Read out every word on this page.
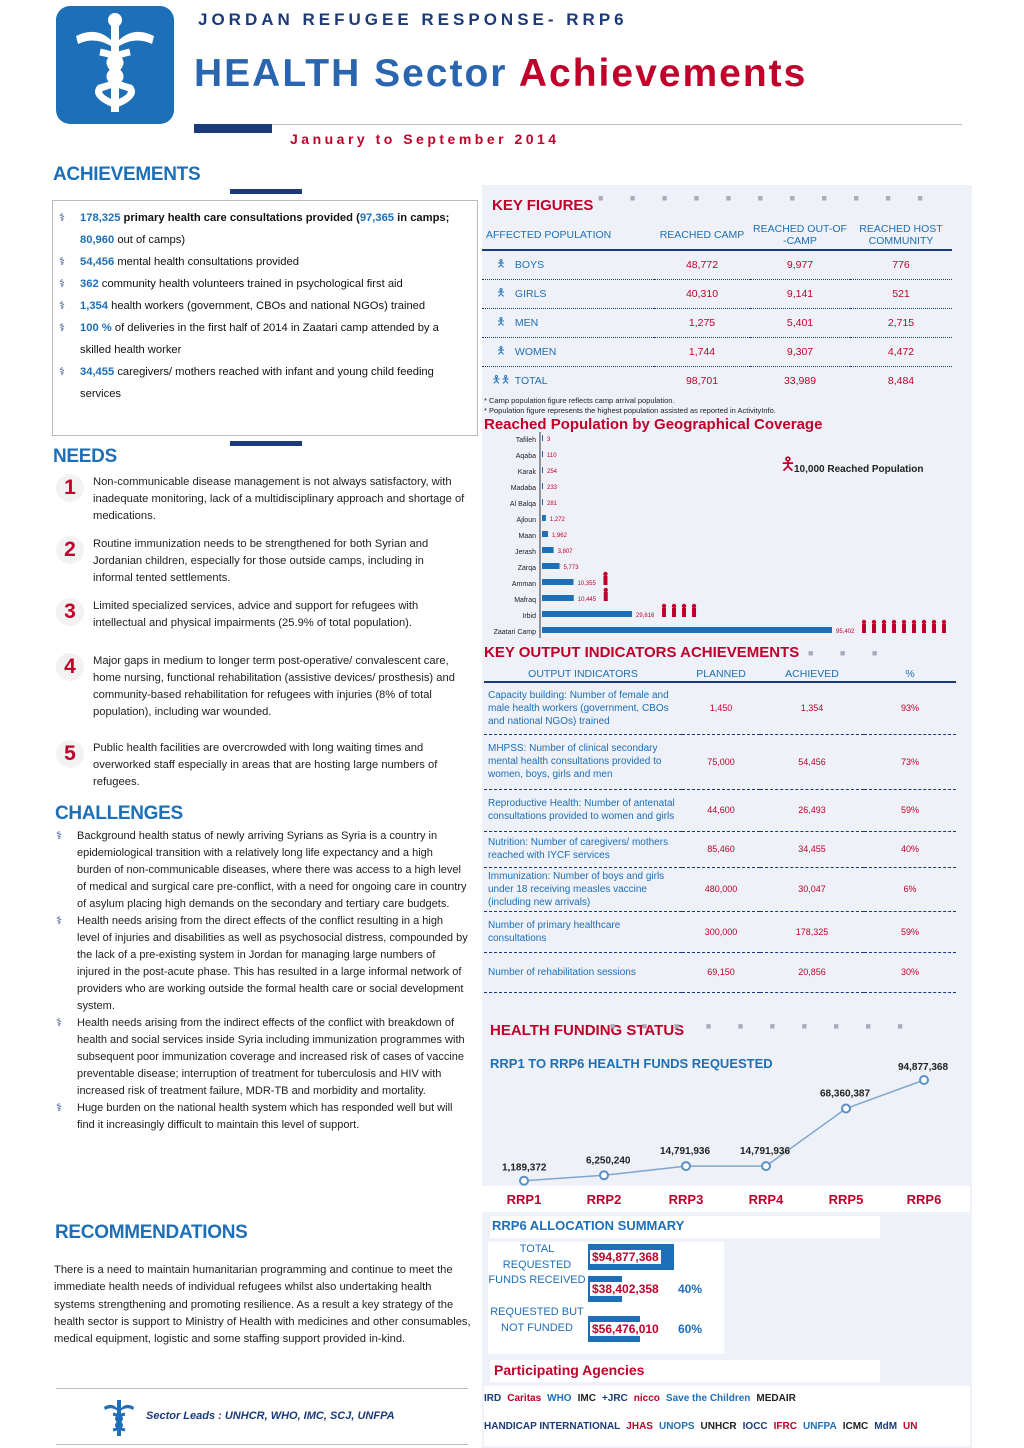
JORDAN REFUGEE RESPONSE- RRP6
HEALTH Sector Achievements
January to September 2014
ACHIEVEMENTS
⚕ 178,325 primary health care consultations provided (97,365 in camps; 80,960 out of camps)
⚕ 54,456 mental health consultations provided
⚕ 362 community health volunteers trained in psychological first aid
⚕ 1,354 health workers (government, CBOs and national NGOs) trained
⚕ 100 % of deliveries in the first half of 2014 in Zaatari camp attended by a skilled health worker
⚕ 34,455 caregivers/ mothers reached with infant and young child feeding services
NEEDS
1	Non-communicable disease management is not always satisfactory, with inadequate monitoring, lack of a multidisciplinary approach and shortage of medications.
2	Routine immunization needs to be strengthened for both Syrian and Jordanian children, especially for those outside camps, including in informal tented settlements.
3	Limited specialized services, advice and support for refugees with intellectual and physical impairments (25.9% of total population).
4	Major gaps in medium to longer term post-operative/ convalescent care, home nursing, functional rehabilitation (assistive devices/ prosthesis) and community-based rehabilitation for refugees with injuries (8% of total population), including war wounded.
5	Public health facilities are overcrowded with long waiting times and overworked staff especially in areas that are hosting large numbers of refugees.
CHALLENGES
⚕ Background health status of newly arriving Syrians as Syria is a country in epidemiological transition with a relatively long life expectancy and a high burden of non-communicable diseases, where there was access to a high level of medical and surgical care pre-conflict, with a need for ongoing care in country of asylum placing high demands on the secondary and tertiary care budgets.
⚕ Health needs arising from the direct effects of the conflict resulting in a high level of injuries and disabilities as well as psychosocial distress, compounded by the lack of a pre-existing system in Jordan for managing large numbers of injured in the post-acute phase. This has resulted in a large informal network of providers who are working outside the formal health care or social development system.
⚕ Health needs arising from the indirect effects of the conflict with breakdown of health and social services inside Syria including immunization programmes with subsequent poor immunization coverage and increased risk of cases of vaccine preventable disease; interruption of treatment for tuberculosis and HIV with increased risk of treatment failure, MDR-TB and morbidity and mortality.
⚕ Huge burden on the national health system which has responded well but will find it increasingly difficult to maintain this level of support.
RECOMMENDATIONS
There is a need to maintain humanitarian programming and continue to meet the immediate health needs of individual refugees whilst also undertaking health systems strengthening and promoting resilience. As a result a key strategy of the health sector is support to Ministry of Health with medicines and other consumables, medical equipment, logistic and some staffing support provided in-kind.
Sector Leads : UNHCR, WHO, IMC, SCJ, UNFPA
KEY FIGURES ■ ■ ■ ■ ■ ■ ■ ■ ■ ■ ■
AFFECTED POPULATION	REACHED CAMP	REACHED OUT-OF -CAMP	REACHED HOST COMMUNITY
🯅 BOYS	48,772	9,977	776
🯅 GIRLS	40,310	9,141	521
🯅 MEN	1,275	5,401	2,715
🯅 WOMEN	1,744	9,307	4,472
🯅🯅 TOTAL	98,701	33,989	8,484
* Camp population figure reflects camp arrival population.
* Population figure represents the highest population assisted as reported in ActivityInfo.
Reached Population by Geographical Coverage
🯅
10,000 Reached Population
Tafileh 3
Aqaba 110
Karak 254
Madaba 233
Al Balqa 281
Ajloun 1,272
Maan	1,962
Jerash	3,807
Zarqa	5,773
Amman	10,355
Mafraq	10,445
Irbid	29,616
Zaatari Camp	95,402
KEY OUTPUT INDICATORS ACHIEVEMENTS ■ ■ ■
OUTPUT INDICATORS	PLANNED	ACHIEVED	%
Capacity building: Number of female and male health workers (government, CBOs and national NGOs) trained	1,450	1,354	93%
MHPSS: Number of clinical secondary mental health consultations provided to women, boys, girls and men	75,000	54,456	73%
Reproductive Health: Number of antenatal consultations provided to women and girls	44,600	26,493	59%
Nutrition: Number of caregivers/ mothers reached with IYCF services	85,460	34,455	40%
Immunization: Number of boys and girls under 18 receiving measles vaccine (including new arrivals)	480,000	30,047	6%
Number of primary healthcare consultations	300,000	178,325	59%
Number of rehabilitation sessions	69,150	20,856	30%
HEALTH FUNDING STATUS
■ ■ ■ ■ ■ ■ ■ ■ ■ ■
RRP1 TO RRP6 HEALTH FUNDS REQUESTED
1,189,372
RRP1
6,250,240
RRP2
14,791,936
RRP3
14,791,936
RRP4
68,360,387
RRP5
94,877,368
RRP6
RRP6 ALLOCATION SUMMARY
TOTAL REQUESTED
$94,877,368
FUNDS RECEIVED
$38,402,358 40%
REQUESTED BUT NOT FUNDED	$56,476,010 60%
Participating Agencies
IRD Caritas WHO IMC +JRC nicco Save the Children MEDAIR
HANDICAP INTERNATIONAL JHAS UNOPS UNHCR IOCC IFRC UNFPA ICMC MdM UN
